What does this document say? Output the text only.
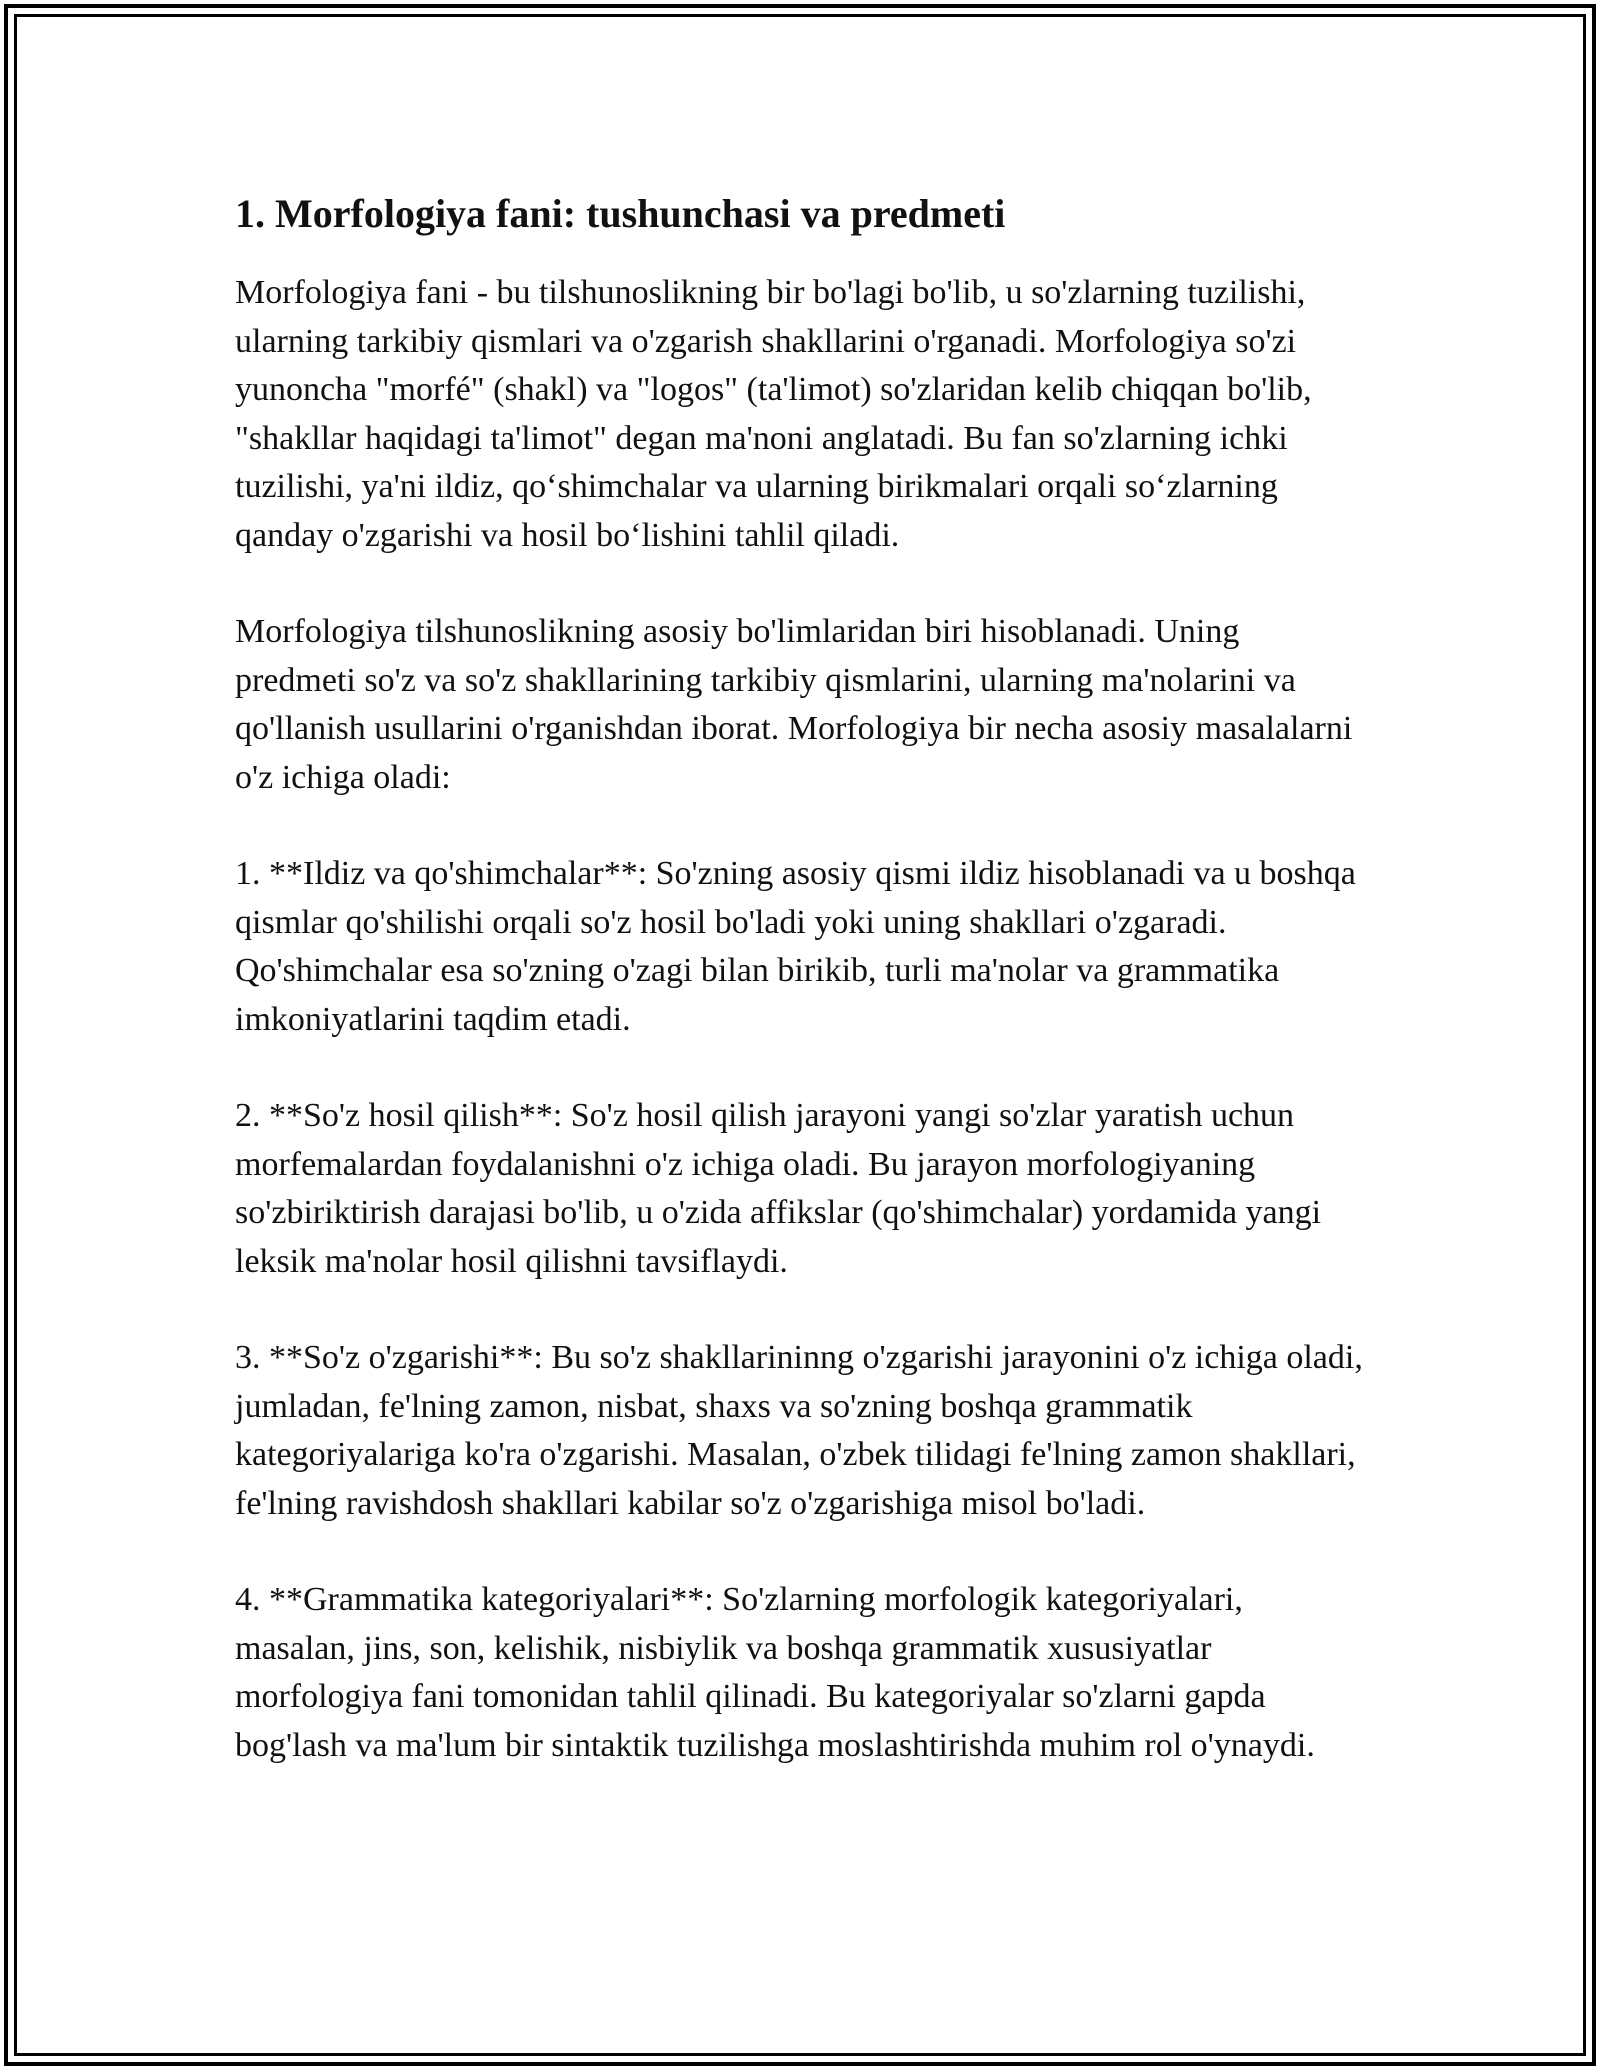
1. Morfologiya fani: tushunchasi va predmeti

Morfologiya fani - bu tilshunoslikning bir bo'lagi bo'lib, u so'zlarning tuzilishi, ularning tarkibiy qismlari va o'zgarish shakllarini o'rganadi. Morfologiya so'zi yunoncha "morfé" (shakl) va "logos" (ta'limot) so'zlaridan kelib chiqqan bo'lib, "shakllar haqidagi ta'limot" degan ma'noni anglatadi. Bu fan so'zlarning ichki tuzilishi, ya'ni ildiz, qo‘shimchalar va ularning birikmalari orqali so‘zlarning qanday o'zgarishi va hosil bo‘lishini tahlil qiladi.

Morfologiya tilshunoslikning asosiy bo'limlaridan biri hisoblanadi. Uning predmeti so'z va so'z shakllarining tarkibiy qismlarini, ularning ma'nolarini va qo'llanish usullarini o'rganishdan iborat. Morfologiya bir necha asosiy masalalarni o'z ichiga oladi:

1. **Ildiz va qo'shimchalar**: So'zning asosiy qismi ildiz hisoblanadi va u boshqa qismlar qo'shilishi orqali so'z hosil bo'ladi yoki uning shakllari o'zgaradi. Qo'shimchalar esa so'zning o'zagi bilan birikib, turli ma'nolar va grammatika imkoniyatlarini taqdim etadi.

2. **So'z hosil qilish**: So'z hosil qilish jarayoni yangi so'zlar yaratish uchun morfemalardan foydalanishni o'z ichiga oladi. Bu jarayon morfologiyaning so'zbiriktirish darajasi bo'lib, u o'zida affikslar (qo'shimchalar) yordamida yangi leksik ma'nolar hosil qilishni tavsiflaydi.

3. **So'z o'zgarishi**: Bu so'z shakllarininng o'zgarishi jarayonini o'z ichiga oladi, jumladan, fe'lning zamon, nisbat, shaxs va so'zning boshqa grammatik kategoriyalariga ko'ra o'zgarishi. Masalan, o'zbek tilidagi fe'lning zamon shakllari, fe'lning ravishdosh shakllari kabilar so'z o'zgarishiga misol bo'ladi.

4. **Grammatika kategoriyalari**: So'zlarning morfologik kategoriyalari, masalan, jins, son, kelishik, nisbiylik va boshqa grammatik xususiyatlar morfologiya fani tomonidan tahlil qilinadi. Bu kategoriyalar so'zlarni gapda bog'lash va ma'lum bir sintaktik tuzilishga moslashtirishda muhim rol o'ynaydi.
